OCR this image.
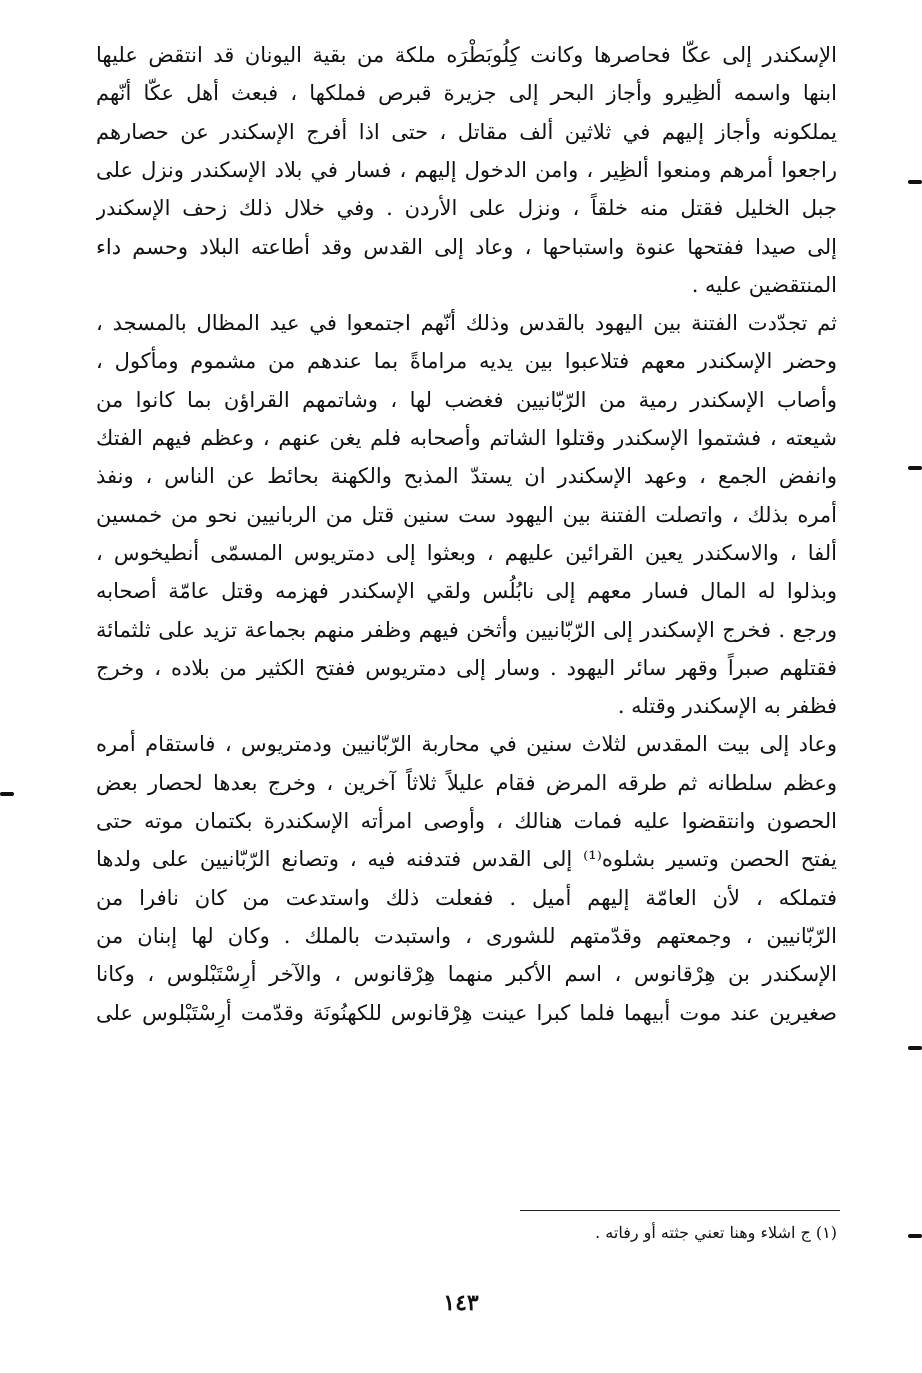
الإسكندر إلى عكّا فحاصرها وكانت كِلُوبَطْرَه ملكة من بقية اليونان قد انتقض عليها
ابنها واسمه ألظِيرو وأجاز البحر إلى جزيرة قبرص فملكها ، فبعث أهل عكّا أنّهم
يملكونه وأجاز إليهم في ثلاثين ألف مقاتل ، حتى اذا أفرج الإسكندر عن حصارهم
راجعوا أمرهم ومنعوا ألظِير ، وامن الدخول إليهم ، فسار في بلاد الإسكندر ونزل على
جبل الخليل فقتل منه خلقاً ، ونزل على الأردن . وفي خلال ذلك زحف الإسكندر
إلى صيدا ففتحها عنوة واستباحها ، وعاد إلى القدس وقد أطاعته البلاد وحسم داء
المنتقضين عليه .
ثم تجدّدت الفتنة بين اليهود بالقدس وذلك أنّهم اجتمعوا في عيد المظال بالمسجد ،
وحضر الإسكندر معهم فتلاعبوا بين يديه مراماةً بما عندهم من مشموم ومأكول ،
وأصاب الإسكندر رمية من الرّبّانيين فغضب لها ، وشاتمهم القراؤن بما كانوا من
شيعته ، فشتموا الإسكندر وقتلوا الشاتم وأصحابه فلم يغن عنهم ، وعظم فيهم الفتك
وانفض الجمع ، وعهد الإسكندر ان يستدّ المذبح والكهنة بحائط عن الناس ، ونفذ
أمره بذلك ، واتصلت الفتنة بين اليهود ست سنين قتل من الربانيين نحو من خمسين
ألفا ، والاسكندر يعين القرائين عليهم ، وبعثوا إلى دمتريوس المسمّى أنطيخوس ،
وبذلوا له المال فسار معهم إلى نابُلُس ولقي الإسكندر فهزمه وقتل عامّة أصحابه
ورجع . فخرج الإسكندر إلى الرّبّانيين وأثخن فيهم وظفر منهم بجماعة تزيد على ثلثمائة
فقتلهم صبراً وقهر سائر اليهود . وسار إلى دمتريوس ففتح الكثير من بلاده ، وخرج
فظفر به الإسكندر وقتله .
وعاد إلى بيت المقدس لثلاث سنين في محاربة الرّبّانيين ودمتريوس ، فاستقام أمره
وعظم سلطانه ثم طرقه المرض فقام عليلاً ثلاثاً آخرين ، وخرج بعدها لحصار بعض
الحصون وانتقضوا عليه فمات هنالك ، وأوصى امرأته الإسكندرة بكتمان موته حتى
يفتح الحصن وتسير بشلوه⁽¹⁾ إلى القدس فتدفنه فيه ، وتصانع الرّبّانيين على ولدها
فتملكه ، لأن العامّة إليهم أميل . ففعلت ذلك واستدعت من كان نافرا من
الرّبّانيين ، وجمعتهم وقدّمتهم للشورى ، واستبدت بالملك . وكان لها إبنان من
الإسكندر بن هِرْقانوس ، اسم الأكبر منهما هِرْقانوس ، والآخر أرِسْتَبْلوس ، وكانا
صغيرين عند موت أبيهما فلما كبرا عينت هِرْقانوس للكهنُونَة وقدّمت أرِسْتَبْلوس على
(١) ج اشلاء وهنا تعني جثته أو رفاته .
١٤٣
